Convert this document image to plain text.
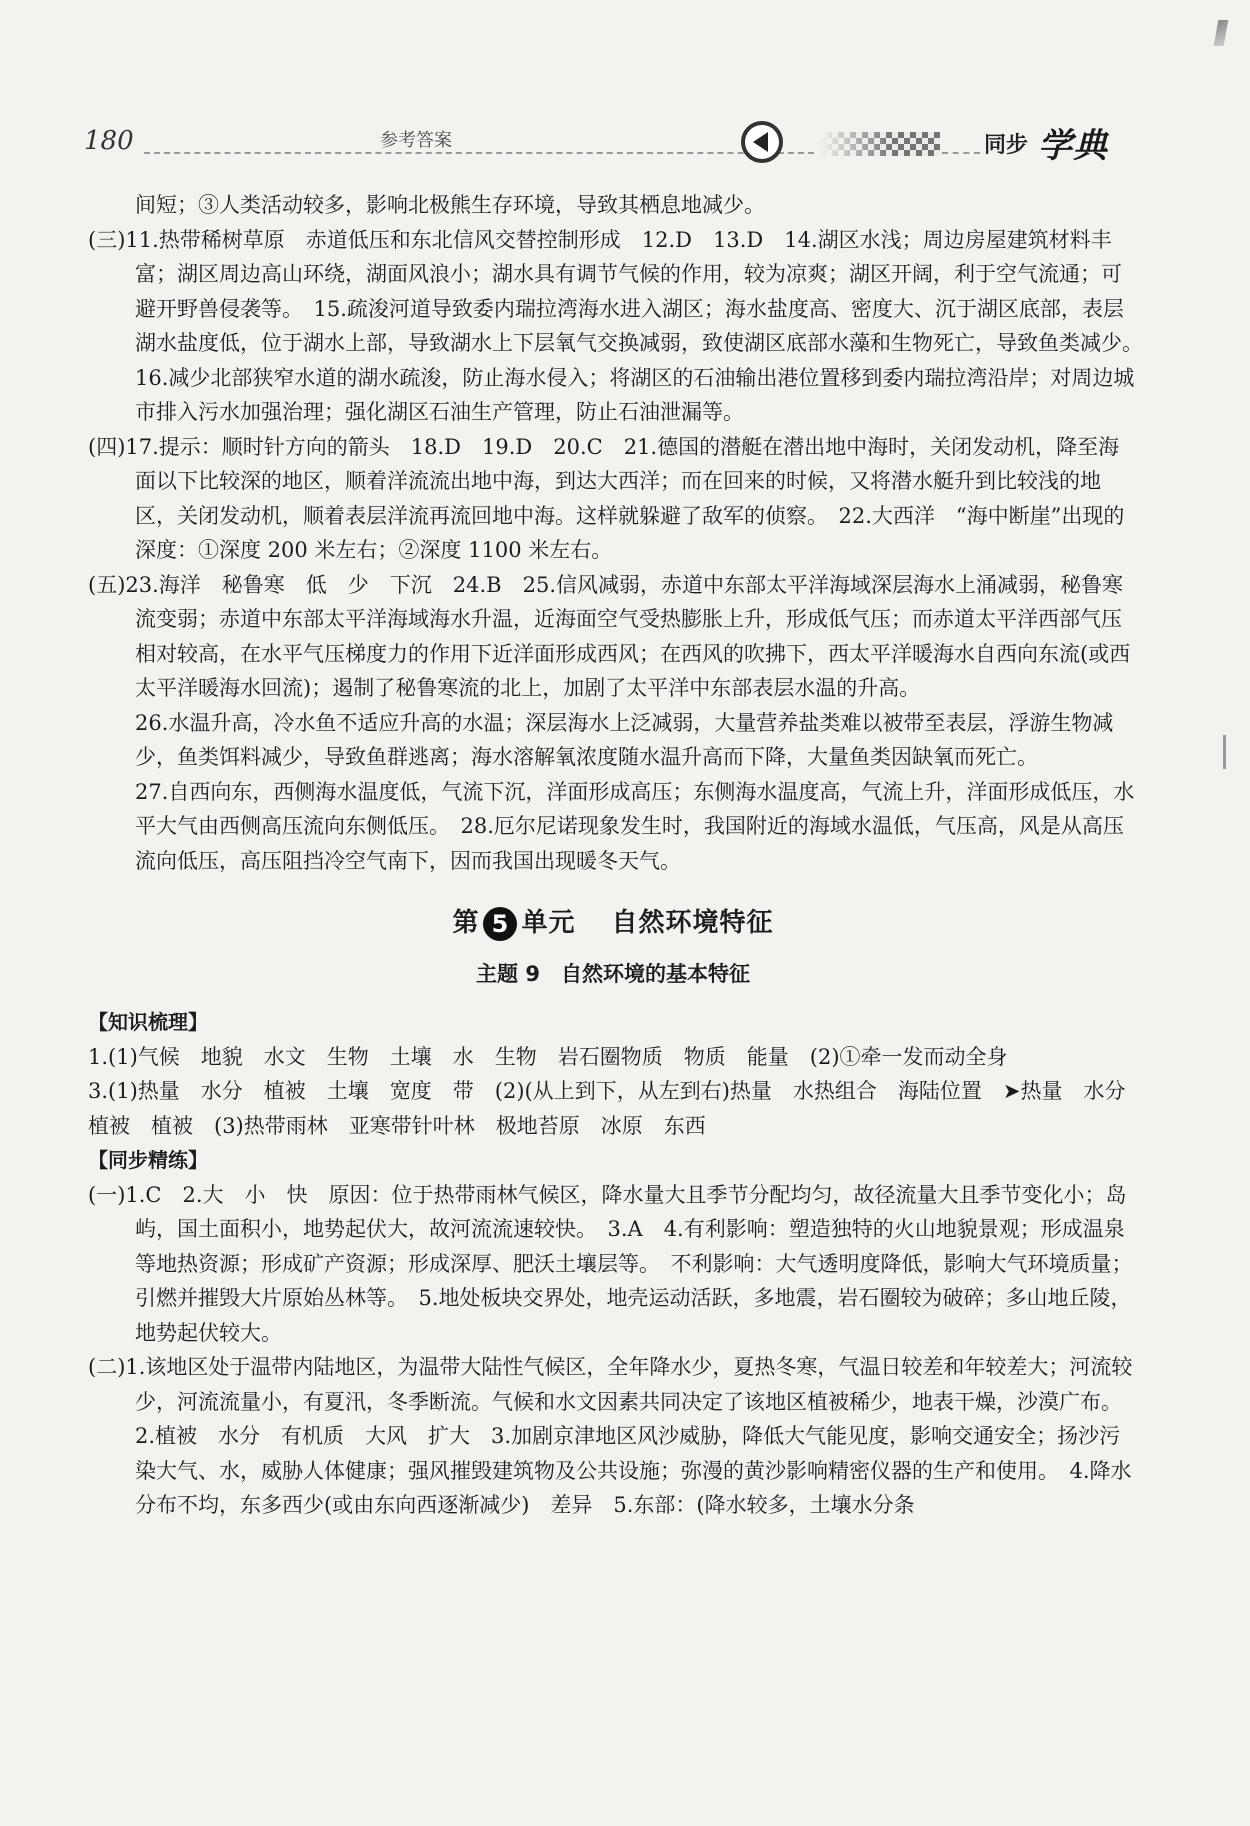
180	参考答案	同步 学典

间短；③人类活动较多，影响北极熊生存环境，导致其栖息地减少。

(三)11.热带稀树草原　赤道低压和东北信风交替控制形成　12.D　13.D　14.湖区水浅；周边房屋建筑材料丰富；湖区周边高山环绕，湖面风浪小；湖水具有调节气候的作用，较为凉爽；湖区开阔，利于空气流通；可避开野兽侵袭等。　15.疏浚河道导致委内瑞拉湾海水进入湖区；海水盐度高、密度大、沉于湖区底部，表层湖水盐度低，位于湖水上部，导致湖水上下层氧气交换减弱，致使湖区底部水藻和生物死亡，导致鱼类减少。　16.减少北部狭窄水道的湖水疏浚，防止海水侵入；将湖区的石油输出港位置移到委内瑞拉湾沿岸；对周边城市排入污水加强治理；强化湖区石油生产管理，防止石油泄漏等。

(四)17.提示：顺时针方向的箭头　18.D　19.D　20.C　21.德国的潜艇在潜出地中海时，关闭发动机，降至海面以下比较深的地区，顺着洋流流出地中海，到达大西洋；而在回来的时候，又将潜水艇升到比较浅的地区，关闭发动机，顺着表层洋流再流回地中海。这样就躲避了敌军的侦察。　22.大西洋　“海中断崖”出现的深度：①深度 200 米左右；②深度 1100 米左右。

(五)23.海洋　秘鲁寒　低　少　下沉　24.B　25.信风减弱，赤道中东部太平洋海域深层海水上涌减弱，秘鲁寒流变弱；赤道中东部太平洋海域海水升温，近海面空气受热膨胀上升，形成低气压；而赤道太平洋西部气压相对较高，在水平气压梯度力的作用下近洋面形成西风；在西风的吹拂下，西太平洋暖海水自西向东流(或西太平洋暖海水回流)；遏制了秘鲁寒流的北上，加剧了太平洋中东部表层水温的升高。

26.水温升高，冷水鱼不适应升高的水温；深层海水上泛减弱，大量营养盐类难以被带至表层，浮游生物减少，鱼类饵料减少，导致鱼群逃离；海水溶解氧浓度随水温升高而下降，大量鱼类因缺氧而死亡。

27.自西向东，西侧海水温度低，气流下沉，洋面形成高压；东侧海水温度高，气流上升，洋面形成低压，水平大气由西侧高压流向东侧低压。　28.厄尔尼诺现象发生时，我国附近的海域水温低，气压高，风是从高压流向低压，高压阻挡冷空气南下，因而我国出现暖冬天气。

第 5 单元 自然环境特征
主题 9　自然环境的基本特征
【知识梳理】

1.(1)气候　地貌　水文　生物　土壤　水　生物　岩石圈物质　物质　能量　(2)①牵一发而动全身

3.(1)热量　水分　植被　土壤　宽度　带　(2)(从上到下，从左到右)热量　水热组合　海陆位置　➤热量　水分　植被　植被　(3)热带雨林　亚寒带针叶林　极地苔原　冰原　东西

【同步精练】

(一)1.C　2.大　小　快　原因：位于热带雨林气候区，降水量大且季节分配均匀，故径流量大且季节变化小；岛屿，国土面积小，地势起伏大，故河流流速较快。　3.A　4.有利影响：塑造独特的火山地貌景观；形成温泉等地热资源；形成矿产资源；形成深厚、肥沃土壤层等。　不利影响：大气透明度降低，影响大气环境质量；引燃并摧毁大片原始丛林等。　5.地处板块交界处，地壳运动活跃，多地震，岩石圈较为破碎；多山地丘陵，地势起伏较大。

(二)1.该地区处于温带内陆地区，为温带大陆性气候区，全年降水少，夏热冬寒，气温日较差和年较差大；河流较少，河流流量小，有夏汛，冬季断流。气候和水文因素共同决定了该地区植被稀少，地表干燥，沙漠广布。　2.植被　水分　有机质　大风　扩大　3.加剧京津地区风沙威胁，降低大气能见度，影响交通安全；扬沙污染大气、水，威胁人体健康；强风摧毁建筑物及公共设施；弥漫的黄沙影响精密仪器的生产和使用。　4.降水分布不均，东多西少(或由东向西逐渐减少)　差异　5.东部：(降水较多，土壤水分条
